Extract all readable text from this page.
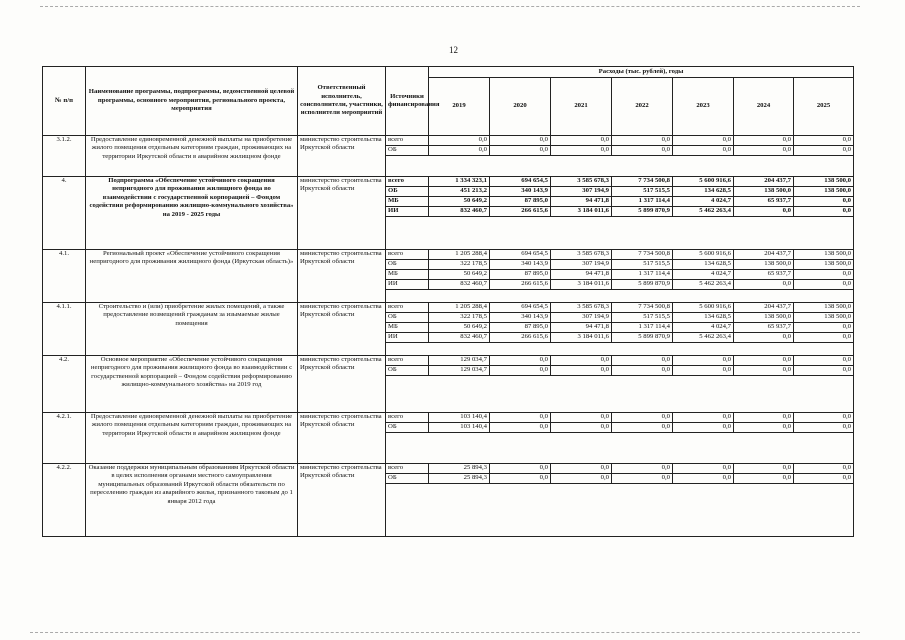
12
№ п/п	Наименование программы, подпрограммы, ведомственной целевой программы, основного мероприятия, регионального проекта, мероприятия	Ответственный исполнитель, соисполнители, участники, исполнители мероприятий	Источники финансирования	Расходы (тыс. рублей), годы						
				2019	2020	2021	2022	2023	2024	2025
3.1.2.	Предоставление единовременной денежной выплаты на приобретение жилого помещения отдельным категориям граждан, проживающих на территории Иркутской области в аварийном жилищном фонде	министерство строительства Иркутской области	всего	0,0	0,0	0,0	0,0	0,0	0,0	0,0
			ОБ	0,0	0,0	0,0	0,0	0,0	0,0	0,0

4.	Подпрограмма «Обеспечение устойчивого сокращения непригодного для проживания жилищного фонда во взаимодействии с государственной корпорацией – Фондом содействия реформированию жилищно-коммунального хозяйства» на 2019 - 2025 годы	министерство строительства Иркутской области	всего	1 334 323,1	694 654,5	3 585 678,3	7 734 500,8	5 600 916,6	204 437,7	138 500,0
			ОБ	451 213,2	340 143,9	307 194,9	517 515,5	134 628,5	138 500,0	138 500,0
			МБ	50 649,2	87 895,0	94 471,8	1 317 114,4	4 024,7	65 937,7	0,0
			ИИ	832 460,7	266 615,6	3 184 011,6	5 899 870,9	5 462 263,4	0,0	0,0

4.1.	Региональный проект «Обеспечение устойчивого сокращения непригодного для проживания жилищного фонда (Иркутская область)»	министерство строительства Иркутской области	всего	1 205 288,4	694 654,5	3 585 678,3	7 734 500,8	5 600 916,6	204 437,7	138 500,0
			ОБ	322 178,5	340 143,9	307 194,9	517 515,5	134 628,5	138 500,0	138 500,0
			МБ	50 649,2	87 895,0	94 471,8	1 317 114,4	4 024,7	65 937,7	0,0
			ИИ	832 460,7	266 615,6	3 184 011,6	5 899 870,9	5 462 263,4	0,0	0,0

4.1.1.	Строительство и (или) приобретение жилых помещений, а также предоставление возмещений гражданам за изымаемые жилые помещения	министерство строительства Иркутской области	всего	1 205 288,4	694 654,5	3 585 678,3	7 734 500,8	5 600 916,6	204 437,7	138 500,0
			ОБ	322 178,5	340 143,9	307 194,9	517 515,5	134 628,5	138 500,0	138 500,0
			МБ	50 649,2	87 895,0	94 471,8	1 317 114,4	4 024,7	65 937,7	0,0
			ИИ	832 460,7	266 615,6	3 184 011,6	5 899 870,9	5 462 263,4	0,0	0,0

4.2.	Основное мероприятие «Обеспечение устойчивого сокращения непригодного для проживания жилищного фонда во взаимодействии с государственной корпорацией – Фондом содействия реформированию жилищно-коммунального хозяйства» на 2019 год	министерство строительства Иркутской области	всего	129 034,7	0,0	0,0	0,0	0,0	0,0	0,0
			ОБ	129 034,7	0,0	0,0	0,0	0,0	0,0	0,0

4.2.1.	Предоставление единовременной денежной выплаты на приобретение жилого помещения отдельным категориям граждан, проживающих на территории Иркутской области в аварийном жилищном фонде	министерство строительства Иркутской области	всего	103 140,4	0,0	0,0	0,0	0,0	0,0	0,0
			ОБ	103 140,4	0,0	0,0	0,0	0,0	0,0	0,0

4.2.2.	Оказание поддержки муниципальным образованиям Иркутской области в целях исполнения органами местного самоуправления муниципальных образований Иркутской области обязательств по переселению граждан из аварийного жилья, признанного таковым до 1 января 2012 года	министерство строительства Иркутской области	всего	25 894,3	0,0	0,0	0,0	0,0	0,0	0,0
			ОБ	25 894,3	0,0	0,0	0,0	0,0	0,0	0,0
